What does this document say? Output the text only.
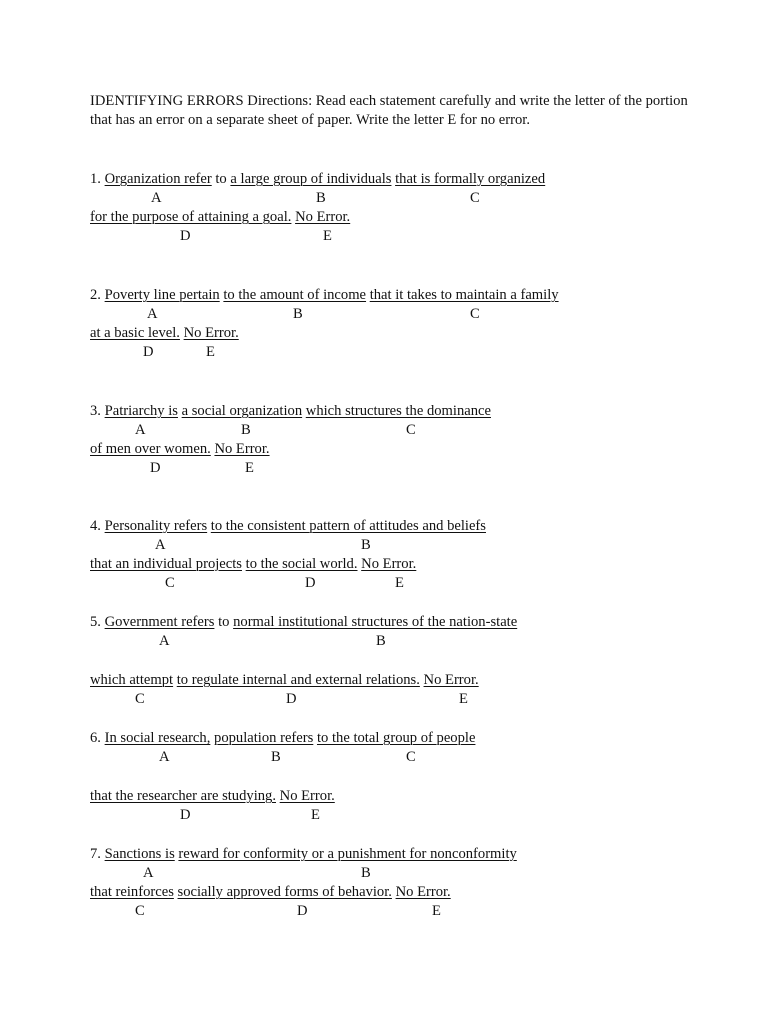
IDENTIFYING ERRORS Directions: Read each statement carefully and write the letter of the portion that has an error on a separate sheet of paper. Write the letter E for no error.

1. Organization refer to a large group of individuals that is formally organized
A	B	C
for the purpose of attaining a goal. No Error.
D	E
2. Poverty line pertain to the amount of income that it takes to maintain a family
A	B	C
at a basic level. No Error.
D	E
3. Patriarchy is a social organization which structures the dominance
A	B	C
of men over women. No Error.
D	E
4. Personality refers to the consistent pattern of attitudes and beliefs
A	B
that an individual projects to the social world. No Error.
C	D	E
5. Government refers to normal institutional structures of the nation-state
A	B
which attempt to regulate internal and external relations. No Error.
C	D	E
6. In social research, population refers to the total group of people
A	B	C
that the researcher are studying. No Error.
D	E
7. Sanctions is reward for conformity or a punishment for nonconformity
A	B
that reinforces socially approved forms of behavior. No Error.
C	D	E
